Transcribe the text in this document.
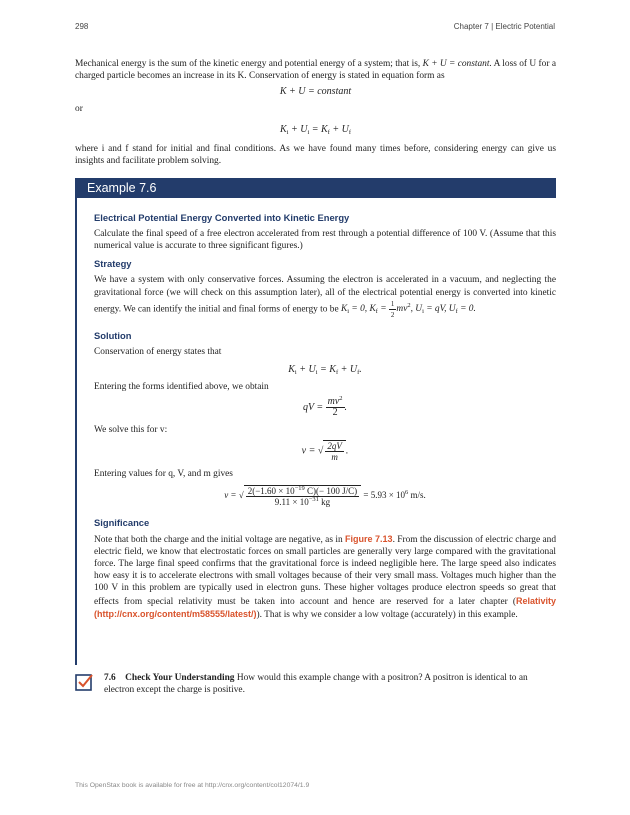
298	Chapter 7 | Electric Potential

Mechanical energy is the sum of the kinetic energy and potential energy of a system; that is, K + U = constant. A loss of U for a charged particle becomes an increase in its K. Conservation of energy is stated in equation form as

K + U = constant

or

$K_i + U_i = K_f + U_f$

where i and f stand for initial and final conditions. As we have found many times before, considering energy can give us insights and facilitate problem solving.

Example 7.6
Electrical Potential Energy Converted into Kinetic Energy

Calculate the final speed of a free electron accelerated from rest through a potential difference of 100 V. (Assume that this numerical value is accurate to three significant figures.)

Strategy

We have a system with only conservative forces. Assuming the electron is accelerated in a vacuum, and neglecting the gravitational force (we will check on this assumption later), all of the electrical potential energy is converted into kinetic energy. We can identify the initial and final forms of energy to be $K_i = 0$, $K_f = \frac{1}{2} mv^2$, $U_i$ = qV, $U_f = 0$.

Solution

Conservation of energy states that

$K_i + U_i = K_f + U_f$.

Entering the forms identified above, we obtain

qV = $\frac{mv^2}{2}$ .

We solve this for v:

v = √ $\frac{2qV}{m}$ .

Entering values for q, V, and m gives

v = √ $\frac{2(-1.60 \times 10^{-19} C)(- 100 J/C)}{9.11 \times 10^{-31} kg} = 5.93 \times 10^6$ m/s.
Significance

Note that both the charge and the initial voltage are negative, as in Figure 7.13. From the discussion of electric charge and electric field, we know that electrostatic forces on small particles are generally very large compared with the gravitational force. The large final speed confirms that the gravitational force is indeed negligible here. The large speed also indicates how easy it is to accelerate electrons with small voltages because of their very small mass. Voltages much higher than the 100 V in this problem are typically used in electron guns. These higher voltages produce electron speeds so great that effects from special relativity must be taken into account and hence are reserved for a later chapter (Relativity (http://cnx.org/content/m58555/latest/)). That is why we consider a low voltage (accurately) in this example.

7.6 Check Your Understanding How would this example change with a positron? A positron is identical to an electron except the charge is positive.
This OpenStax book is available for free at http://cnx.org/content/col12074/1.9
